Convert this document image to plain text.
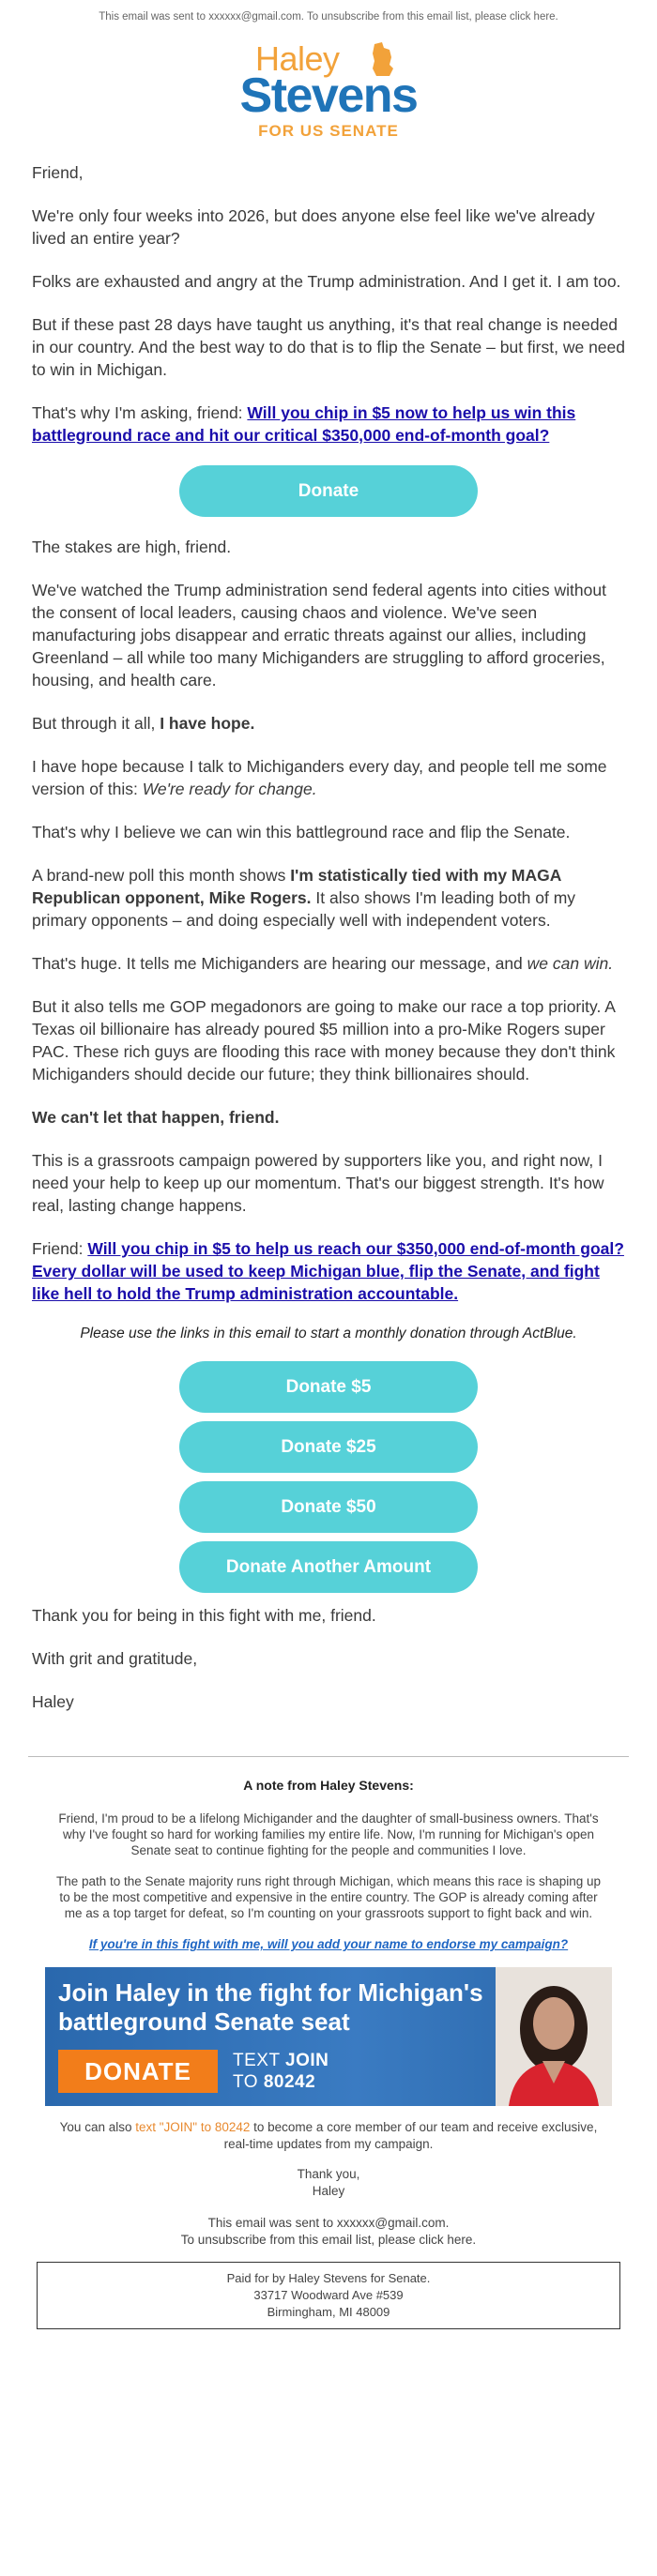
This email was sent to xxxxxx@gmail.com. To unsubscribe from this email list, please click here.
Haley
Stevens
FOR US SENATE

Friend,

We're only four weeks into 2026, but does anyone else feel like we've already lived an entire year?

Folks are exhausted and angry at the Trump administration. And I get it. I am too.

But if these past 28 days have taught us anything, it's that real change is needed in our country. And the best way to do that is to flip the Senate – but first, we need to win in Michigan.

That's why I'm asking, friend: Will you chip in $5 now to help us win this battleground race and hit our critical $350,000 end-of-month goal?

Donate

The stakes are high, friend.

We've watched the Trump administration send federal agents into cities without the consent of local leaders, causing chaos and violence. We've seen manufacturing jobs disappear and erratic threats against our allies, including Greenland – all while too many Michiganders are struggling to afford groceries, housing, and health care.

But through it all, I have hope.

I have hope because I talk to Michiganders every day, and people tell me some version of this: We're ready for change.

That's why I believe we can win this battleground race and flip the Senate.

A brand-new poll this month shows I'm statistically tied with my MAGA Republican opponent, Mike Rogers. It also shows I'm leading both of my primary opponents – and doing especially well with independent voters.

That's huge. It tells me Michiganders are hearing our message, and we can win.

But it also tells me GOP megadonors are going to make our race a top priority. A Texas oil billionaire has already poured $5 million into a pro-Mike Rogers super PAC. These rich guys are flooding this race with money because they don't think Michiganders should decide our future; they think billionaires should.

We can't let that happen, friend.

This is a grassroots campaign powered by supporters like you, and right now, I need your help to keep up our momentum. That's our biggest strength. It's how real, lasting change happens.

Friend: Will you chip in $5 to help us reach our $350,000 end-of-month goal? Every dollar will be used to keep Michigan blue, flip the Senate, and fight like hell to hold the Trump administration accountable.

Please use the links in this email to start a monthly donation through ActBlue.
Donate $5
Donate $25
Donate $50
Donate Another Amount

Thank you for being in this fight with me, friend.

With grit and gratitude,

Haley

A note from Haley Stevens:

Friend, I'm proud to be a lifelong Michigander and the daughter of small-business owners. That's why I've fought so hard for working families my entire life. Now, I'm running for Michigan's open Senate seat to continue fighting for the people and communities I love.

The path to the Senate majority runs right through Michigan, which means this race is shaping up to be the most competitive and expensive in the entire country. The GOP is already coming after me as a top target for defeat, so I'm counting on your grassroots support to fight back and win.

If you're in this fight with me, will you add your name to endorse my campaign?

Join Haley in the fight for Michigan's battleground Senate seat
DONATE	TEXT JOIN
TO 80242
You can also text "JOIN" to 80242 to become a core member of our team and receive exclusive, real-time updates from my campaign.
Thank you,
Haley
This email was sent to xxxxxx@gmail.com.
To unsubscribe from this email list, please click here.
Paid for by Haley Stevens for Senate.
33717 Woodward Ave #539
Birmingham, MI 48009
